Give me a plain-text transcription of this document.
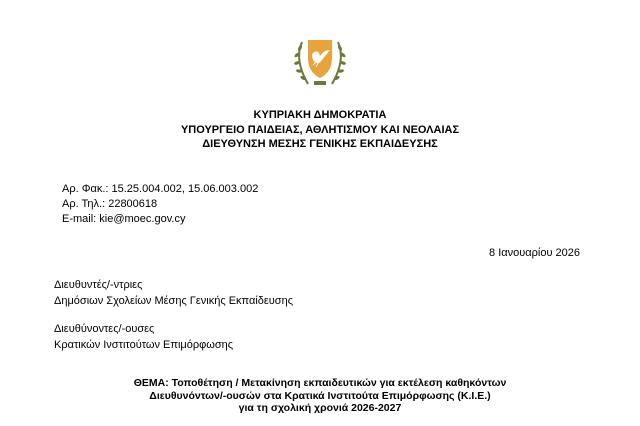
ΚΥΠΡΙΑΚΗ ΔΗΜΟΚΡΑΤΙΑ
ΥΠΟΥΡΓΕΙΟ ΠΑΙΔΕΙΑΣ, ΑΘΛΗΤΙΣΜΟΥ ΚΑΙ ΝΕΟΛΑΙΑΣ
ΔΙΕΥΘΥΝΣΗ ΜΕΣΗΣ ΓΕΝΙΚΗΣ ΕΚΠΑΙΔΕΥΣΗΣ
Αρ. Φακ.: 15.25.004.002, 15.06.003.002
Αρ. Τηλ.: 22800618
E-mail: kie@moec.gov.cy
8 Ιανουαρίου 2026
Διευθυντές/-ντριες
Δημόσιων Σχολείων Μέσης Γενικής Εκπαίδευσης
Διευθύνοντες/-ουσες
Κρατικών Ινστιτούτων Επιμόρφωσης
ΘΕΜΑ: Τοποθέτηση / Μετακίνηση εκπαιδευτικών για εκτέλεση καθηκόντων
Διευθυνόντων/-ουσών στα Κρατικά Ινστιτούτα Επιμόρφωσης (Κ.Ι.Ε.)
για τη σχολική χρονιά 2026-2027
